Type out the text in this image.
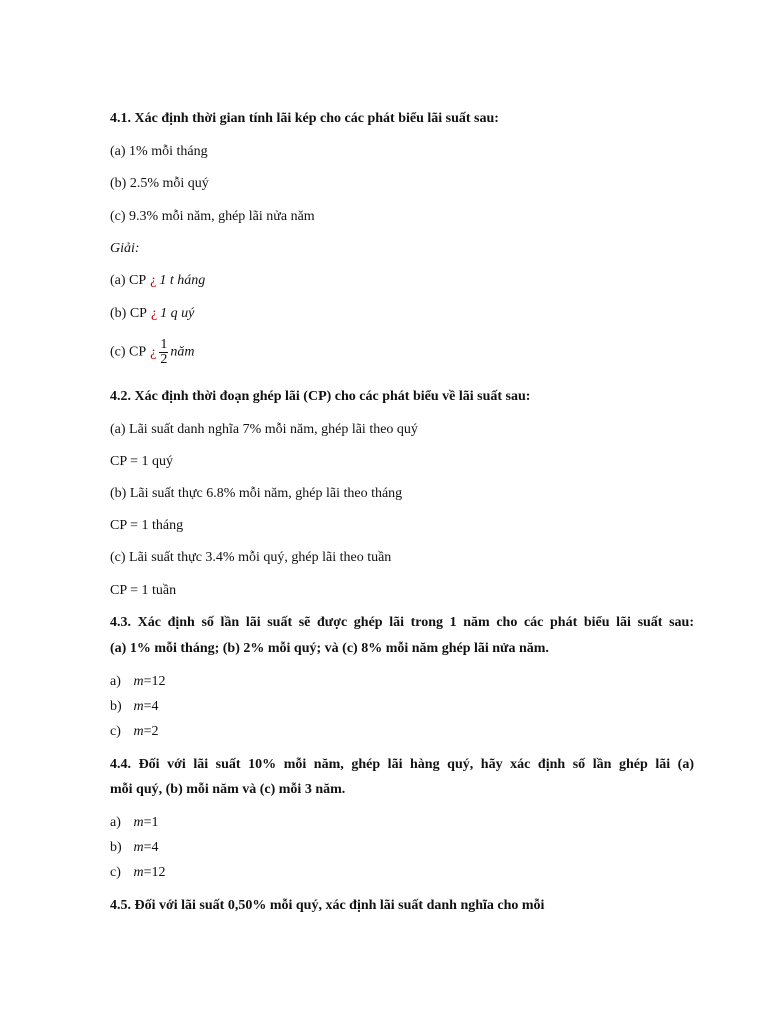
4.1. Xác định thời gian tính lãi kép cho các phát biểu lãi suất sau:
(a) 1% mỗi tháng
(b) 2.5% mỗi quý
(c) 9.3% mỗi năm, ghép lãi nửa năm
Giải:
(a) CP ¿ 1 t háng
(b) CP ¿ 1 q uý
(c) CP ¿ $\frac{1}{2}$ năm
4.2. Xác định thời đoạn ghép lãi (CP) cho các phát biểu về lãi suất sau:
(a) Lãi suất danh nghĩa 7% mỗi năm, ghép lãi theo quý
CP = 1 quý
(b) Lãi suất thực 6.8% mỗi năm, ghép lãi theo tháng
CP = 1 tháng
(c) Lãi suất thực 3.4% mỗi quý, ghép lãi theo tuần
CP = 1 tuần
4.3. Xác định số lần lãi suất sẽ được ghép lãi trong 1 năm cho các phát biểu lãi suất sau:
(a) 1% mỗi tháng; (b) 2% mỗi quý; và (c) 8% mỗi năm ghép lãi nửa năm.
a) m=12
b) m=4
c) m=2
4.4. Đối với lãi suất 10% mỗi năm, ghép lãi hàng quý, hãy xác định số lần ghép lãi (a)
mỗi quý, (b) mỗi năm và (c) mỗi 3 năm.
a) m=1
b) m=4
c) m=12
4.5. Đối với lãi suất 0,50% mỗi quý, xác định lãi suất danh nghĩa cho mỗi
